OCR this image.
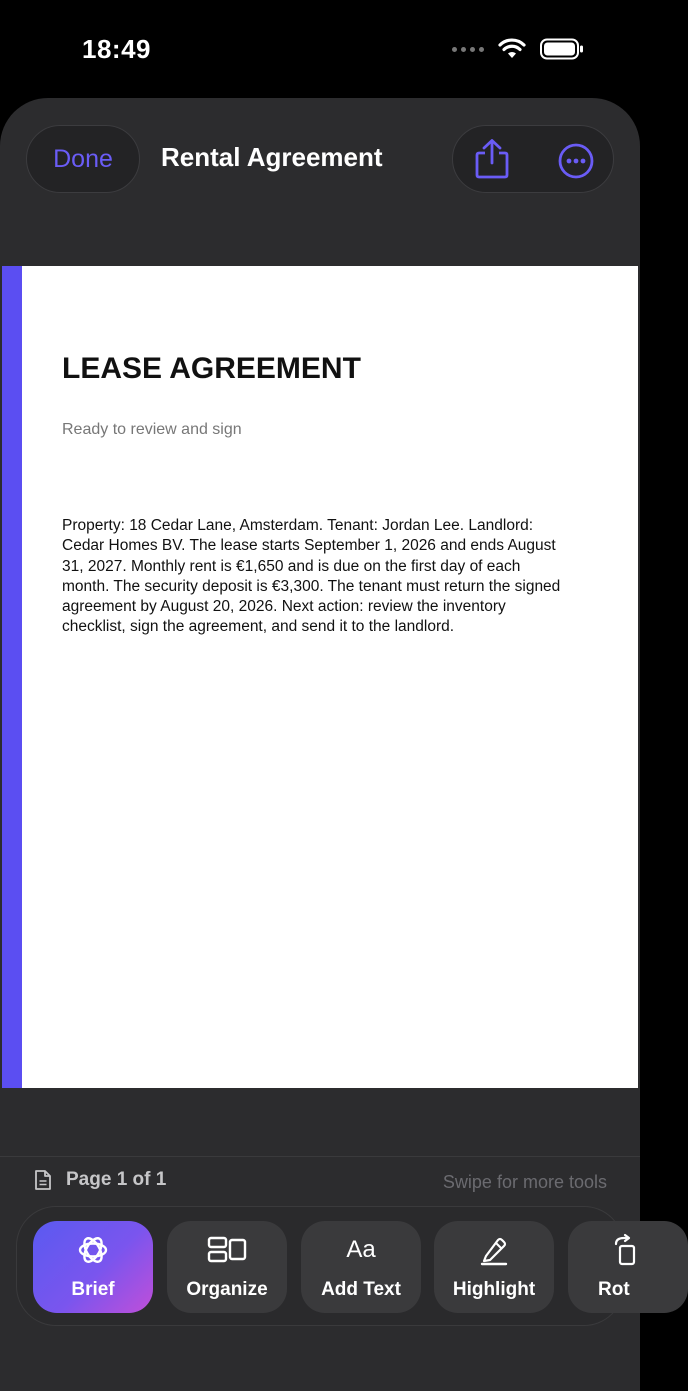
18:49
Done	Rental Agreement
LEASE AGREEMENT
Ready to review and sign
Property: 18 Cedar Lane, Amsterdam. Tenant: Jordan Lee. Landlord: Cedar Homes BV. The lease starts September 1, 2026 and ends August 31, 2027. Monthly rent is €1,650 and is due on the first day of each month. The security deposit is €3,300. The tenant must return the signed agreement by August 20, 2026. Next action: review the inventory checklist, sign the agreement, and send it to the landlord.
Page 1 of 1	Swipe for more tools
Brief	Organize
Aa
Add Text	Highlight	Rot
